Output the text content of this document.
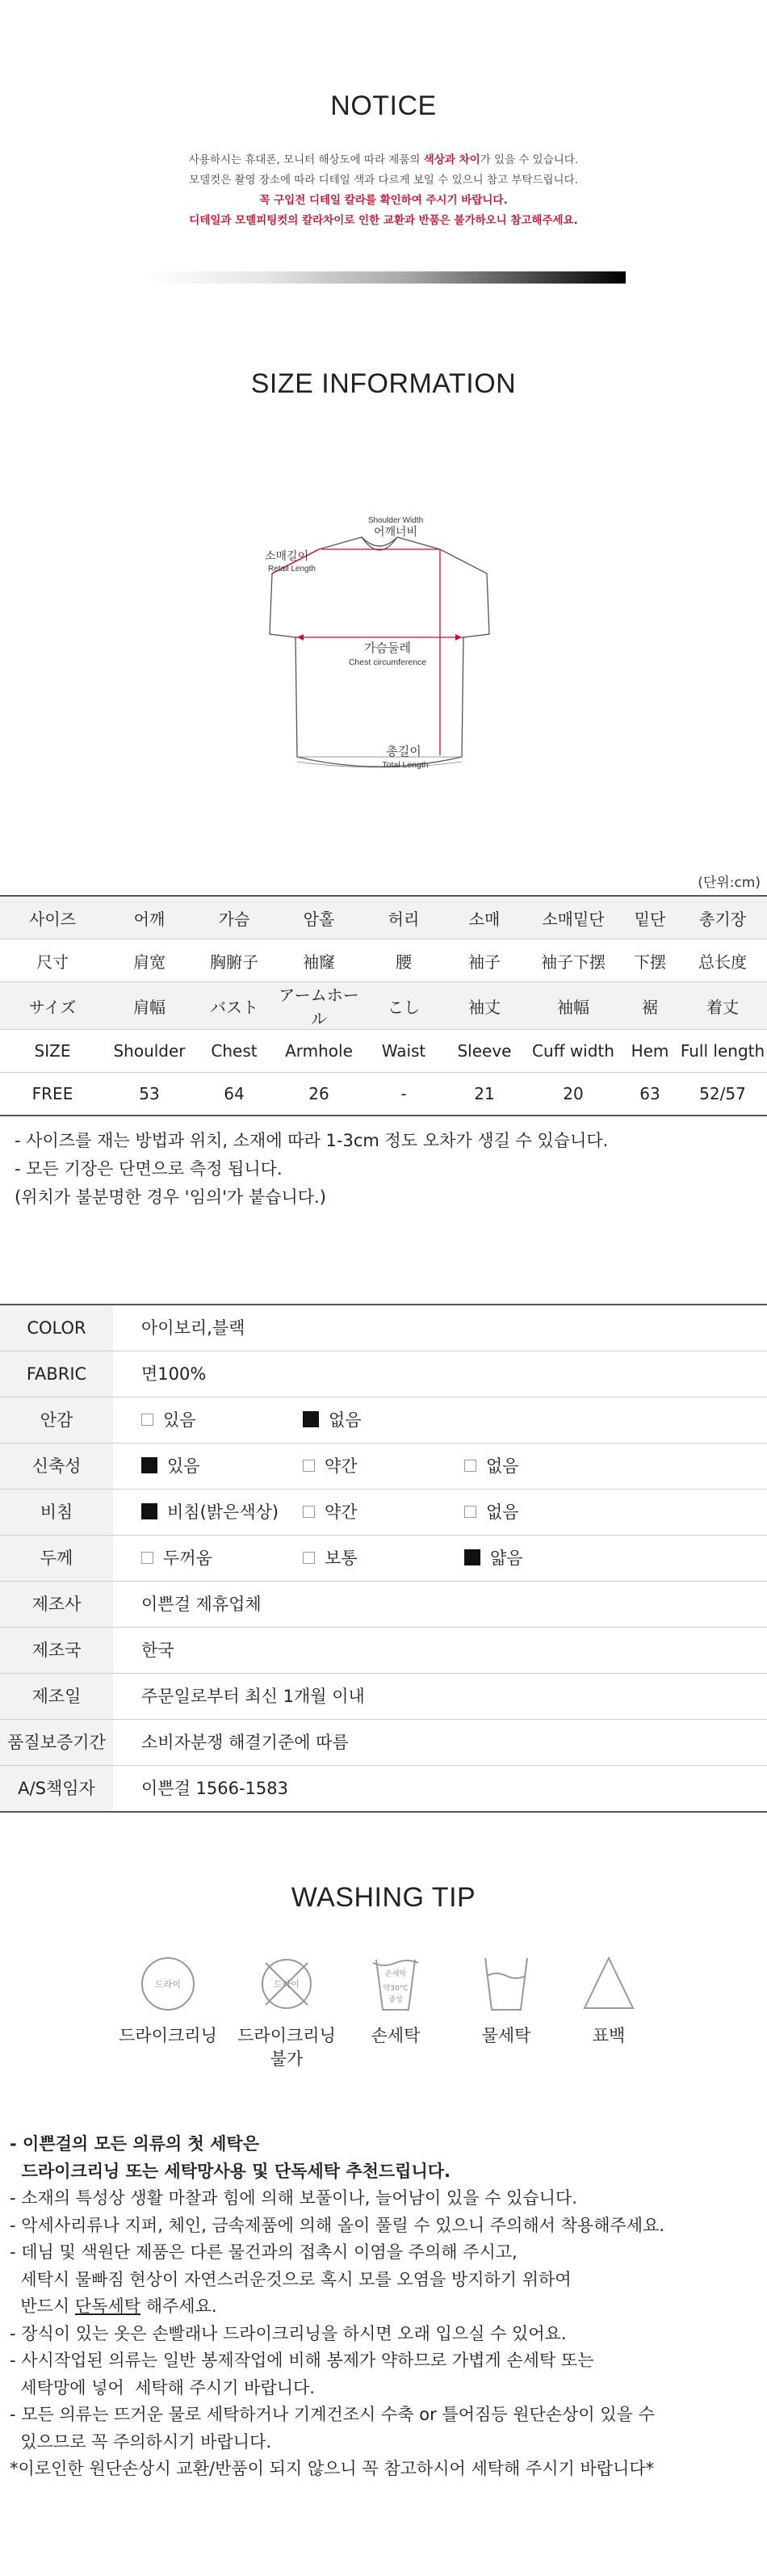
NOTICE
사용하시는 휴대폰, 모니터 해상도에 따라 제품의 색상과 차이가 있을 수 있습니다.
모델컷은 촬영 장소에 따라 디테일 색과 다르게 보일 수 있으니 참고 부탁드립니다.
꼭 구입전 디테일 칼라를 확인하여 주시기 바랍니다.
디테일과 모델피팅컷의 칼라차이로 인한 교환과 반품은 불가하오니 참고해주세요.
SIZE INFORMATION
Shoulder Width
어깨너비
소매길이
Retail Length
가슴둘레
Chest circumference
총길이
Total Length
(단위:cm)
사이즈	어깨	가슴	암홀	허리	소매	소매밑단	밑단	총기장
尺寸	肩宽	胸腑子	袖窿	腰	袖子	袖子下摆	下摆	总长度
サイズ	肩幅	バスト	アームホール	こし	袖丈	袖幅	裾	着丈
SIZE	Shoulder	Chest	Armhole	Waist	Sleeve	Cuff width	Hem	Full length
FREE	53	64	26	-	21	20	63	52/57
- 사이즈를 재는 방법과 위치, 소재에 따라 1-3cm 정도 오차가 생길 수 있습니다.
- 모든 기장은 단면으로 측정 됩니다.
(위치가 불분명한 경우 '임의'가 붙습니다.)
COLOR	아이보리,블랙
FABRIC	면100%
안감	있음	없음
신축성	있음	약간	없음
비침	비침(밝은색상)	약간	없음
두께	두꺼움	보통	얇음
제조사	이쁜걸 제휴업체
제조국	한국
제조일	주문일로부터 최신 1개월 이내
품질보증기간	소비자분쟁 해결기준에 따름
A/S책임자	이쁜걸 1566-1583
WASHING TIP
드라이
드라이크리닝
드라이
드라이크리닝
불가
손세탁
약30°C
중성
손세탁	물세탁	표백
- 이쁜걸의 모든 의류의 첫 세탁은
드라이크리닝 또는 세탁망사용 및 단독세탁 추천드립니다.
- 소재의 특성상 생활 마찰과 힘에 의해 보풀이나, 늘어남이 있을 수 있습니다.
- 악세사리류나 지퍼, 체인, 금속제품에 의해 올이 풀릴 수 있으니 주의해서 착용해주세요.
- 데님 및 색원단 제품은 다른 물건과의 접촉시 이염을 주의해 주시고,
세탁시 물빠짐 현상이 자연스러운것으로 혹시 모를 오염을 방지하기 위하여
반드시 단독세탁 해주세요.
- 장식이 있는 옷은 손빨래나 드라이크리닝을 하시면 오래 입으실 수 있어요.
- 사시작업된 의류는 일반 봉제작업에 비해 봉제가 약하므로 가볍게 손세탁 또는
세탁망에 넣어  세탁해 주시기 바랍니다.
- 모든 의류는 뜨거운 물로 세탁하거나 기계건조시 수축 or 틀어짐등 원단손상이 있을 수
있으므로 꼭 주의하시기 바랍니다.
*이로인한 원단손상시 교환/반품이 되지 않으니 꼭 참고하시어 세탁해 주시기 바랍니다*
